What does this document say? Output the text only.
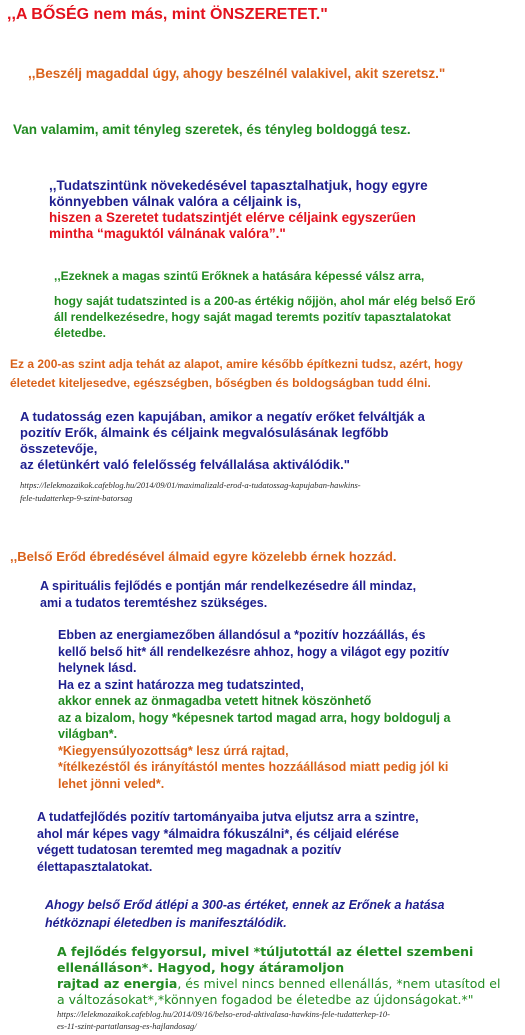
,,A BŐSÉG nem más, mint ÖNSZERETET."
,,Beszélj magaddal úgy, ahogy beszélnél valakivel, akit szeretsz."
Van valamim, amit tényleg szeretek, és tényleg boldoggá tesz.
,,Tudatszintünk növekedésével tapasztalhatjuk, hogy egyre
könnyebben válnak valóra a céljaink is,
hiszen a Szeretet tudatszintjét elérve céljaink egyszerűen
mintha “maguktól válnának valóra”."
,,Ezeknek a magas szintű Erőknek a hatására képessé válsz arra,
hogy saját tudatszinted is a 200-as értékig nőjjön, ahol már elég belső Erő
áll rendelkezésedre, hogy saját magad teremts pozitív tapasztalatokat
életedbe.
Ez a 200-as szint adja tehát az alapot, amire később építkezni tudsz, azért, hogy
életedet kiteljesedve, egészségben, bőségben és boldogságban tudd élni.
A tudatosság ezen kapujában, amikor a negatív erőket felváltják a
pozitív Erők, álmaink és céljaink megvalósulásának legfőbb
összetevője,
az életünkért való felelősség felvállalása aktiválódik."
https://lelekmozaikok.cafeblog.hu/2014/09/01/maximalizald-erod-a-tudatossag-kapujaban-hawkins-
fele-tudatterkep-9-szint-batorsag
,,Belső Erőd ébredésével álmaid egyre közelebb érnek hozzád.
A spirituális fejlődés e pontján már rendelkezésedre áll mindaz,
ami a tudatos teremtéshez szükséges.
Ebben az energiamezőben állandósul a *pozitív hozzáállás, és
kellő belső hit* áll rendelkezésre ahhoz, hogy a világot egy pozitív
helynek lásd.
Ha ez a szint határozza meg tudatszinted,
akkor ennek az önmagadba vetett hitnek köszönhető
az a bizalom, hogy *képesnek tartod magad arra, hogy boldogulj a
világban*.
*Kiegyensúlyozottság* lesz úrrá rajtad,
*ítélkezéstől és irányítástól mentes hozzáállásod miatt pedig jól ki
lehet jönni veled*.
A tudatfejlődés pozitív tartományaiba jutva eljutsz arra a szintre,
ahol már képes vagy *álmaidra fókuszálni*, és céljaid elérése
végett tudatosan teremted meg magadnak a pozitív
élettapasztalatokat.
Ahogy belső Erőd átlépi a 300-as értéket, ennek az Erőnek a hatása
hétköznapi életedben is manifesztálódik.
A fejlődés felgyorsul, mivel *túljutottál az élettel szembeni
ellenálláson*. Hagyod, hogy átáramoljon
rajtad az energia, és mivel nincs benned ellenállás, *nem utasítod el
a változásokat*,*könnyen fogadod be életedbe az újdonságokat.*"
https://lelekmozaikok.cafeblog.hu/2014/09/16/belso-erod-aktivalasa-hawkins-fele-tudatterkep-10-
es-11-szint-partatlansag-es-hajlandosag/
